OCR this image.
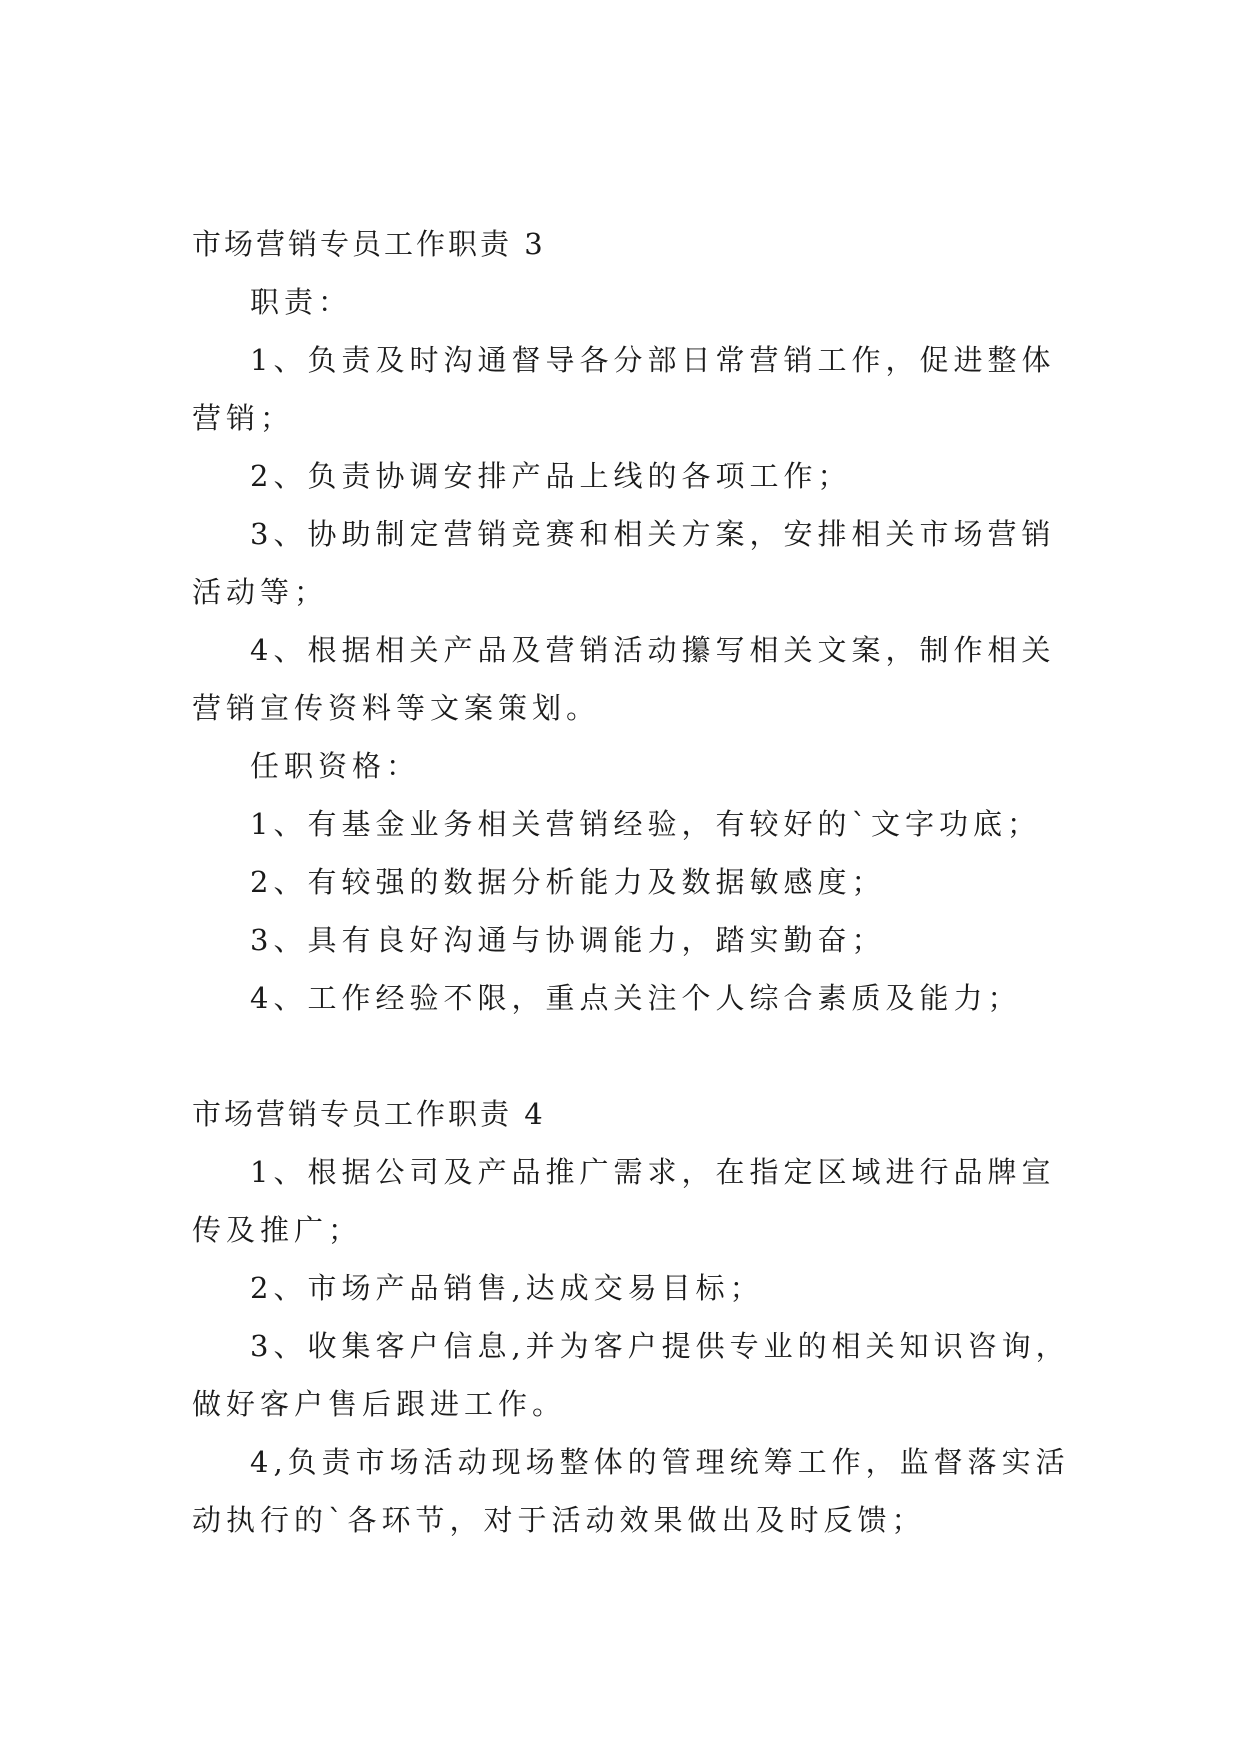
市场营销专员工作职责 3
职责：
1、负责及时沟通督导各分部日常营销工作，促进整体
营销；
2、负责协调安排产品上线的各项工作；
3、协助制定营销竞赛和相关方案，安排相关市场营销
活动等；
4、根据相关产品及营销活动攥写相关文案，制作相关
营销宣传资料等文案策划。
任职资格：
1、有基金业务相关营销经验，有较好的`文字功底；
2、有较强的数据分析能力及数据敏感度；
3、具有良好沟通与协调能力，踏实勤奋；
4、工作经验不限，重点关注个人综合素质及能力；
市场营销专员工作职责 4
1、根据公司及产品推广需求，在指定区域进行品牌宣
传及推广；
2、市场产品销售,达成交易目标；
3、收集客户信息,并为客户提供专业的相关知识咨询，
做好客户售后跟进工作。
4,负责市场活动现场整体的管理统筹工作，监督落实活
动执行的`各环节，对于活动效果做出及时反馈；
